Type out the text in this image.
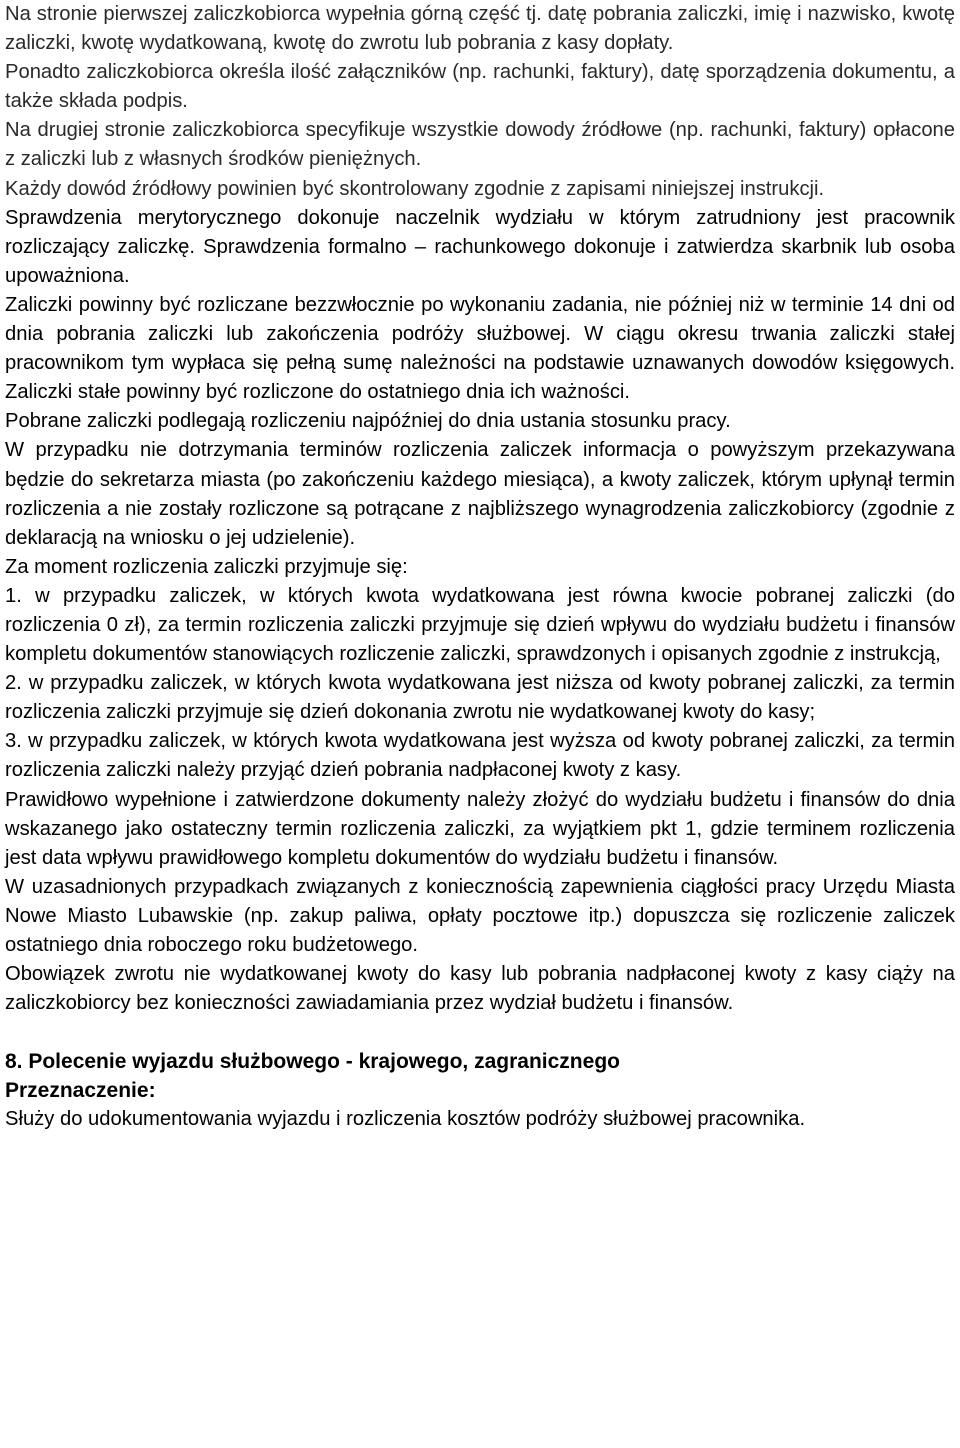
Na stronie pierwszej zaliczkobiorca wypełnia górną część tj. datę pobrania zaliczki, imię i nazwisko, kwotę zaliczki, kwotę wydatkowaną, kwotę do zwrotu lub pobrania z kasy dopłaty.

Ponadto zaliczkobiorca określa ilość załączników (np. rachunki, faktury), datę sporządzenia dokumentu, a także składa podpis.

Na drugiej stronie zaliczkobiorca specyfikuje wszystkie dowody źródłowe (np. rachunki, faktury) opłacone z zaliczki lub z własnych środków pieniężnych.

Każdy dowód źródłowy powinien być skontrolowany zgodnie z zapisami niniejszej instrukcji.

Sprawdzenia merytorycznego dokonuje naczelnik wydziału w którym zatrudniony jest pracownik rozliczający zaliczkę. Sprawdzenia formalno – rachunkowego dokonuje i zatwierdza skarbnik lub osoba upoważniona.

Zaliczki powinny być rozliczane bezzwłocznie po wykonaniu zadania, nie później niż w terminie 14 dni od dnia pobrania zaliczki lub zakończenia podróży służbowej. W ciągu okresu trwania zaliczki stałej pracownikom tym wypłaca się pełną sumę należności na podstawie uznawanych dowodów księgowych. Zaliczki stałe powinny być rozliczone do ostatniego dnia ich ważności.

Pobrane zaliczki podlegają rozliczeniu najpóźniej do dnia ustania stosunku pracy.

W przypadku nie dotrzymania terminów rozliczenia zaliczek informacja o powyższym przekazywana będzie do sekretarza miasta (po zakończeniu każdego miesiąca), a kwoty zaliczek, którym upłynął termin rozliczenia a nie zostały rozliczone są potrącane z najbliższego wynagrodzenia zaliczkobiorcy (zgodnie z deklaracją na wniosku o jej udzielenie).

Za moment rozliczenia zaliczki przyjmuje się:

1. w przypadku zaliczek, w których kwota wydatkowana jest równa kwocie pobranej zaliczki (do rozliczenia 0 zł), za termin rozliczenia zaliczki przyjmuje się dzień wpływu do wydziału budżetu i finansów kompletu dokumentów stanowiących rozliczenie zaliczki, sprawdzonych i opisanych zgodnie z instrukcją,

2. w przypadku zaliczek, w których kwota wydatkowana jest niższa od kwoty pobranej zaliczki, za termin rozliczenia zaliczki przyjmuje się dzień dokonania zwrotu nie wydatkowanej kwoty do kasy;

3. w przypadku zaliczek, w których kwota wydatkowana jest wyższa od kwoty pobranej zaliczki, za termin rozliczenia zaliczki należy przyjąć dzień pobrania nadpłaconej kwoty z kasy.

Prawidłowo wypełnione i zatwierdzone dokumenty należy złożyć do wydziału budżetu i finansów do dnia wskazanego jako ostateczny termin rozliczenia zaliczki, za wyjątkiem pkt 1, gdzie terminem rozliczenia jest data wpływu prawidłowego kompletu dokumentów do wydziału budżetu i finansów.

W uzasadnionych przypadkach związanych z koniecznością zapewnienia ciągłości pracy Urzędu Miasta Nowe Miasto Lubawskie (np. zakup paliwa, opłaty pocztowe itp.) dopuszcza się rozliczenie zaliczek ostatniego dnia roboczego roku budżetowego.

Obowiązek zwrotu nie wydatkowanej kwoty do kasy lub pobrania nadpłaconej kwoty z kasy ciąży na zaliczkobiorcy bez konieczności zawiadamiania przez wydział budżetu i finansów.

8. Polecenie wyjazdu służbowego - krajowego, zagranicznego

Przeznaczenie:

Służy do udokumentowania wyjazdu i rozliczenia kosztów podróży służbowej pracownika.
